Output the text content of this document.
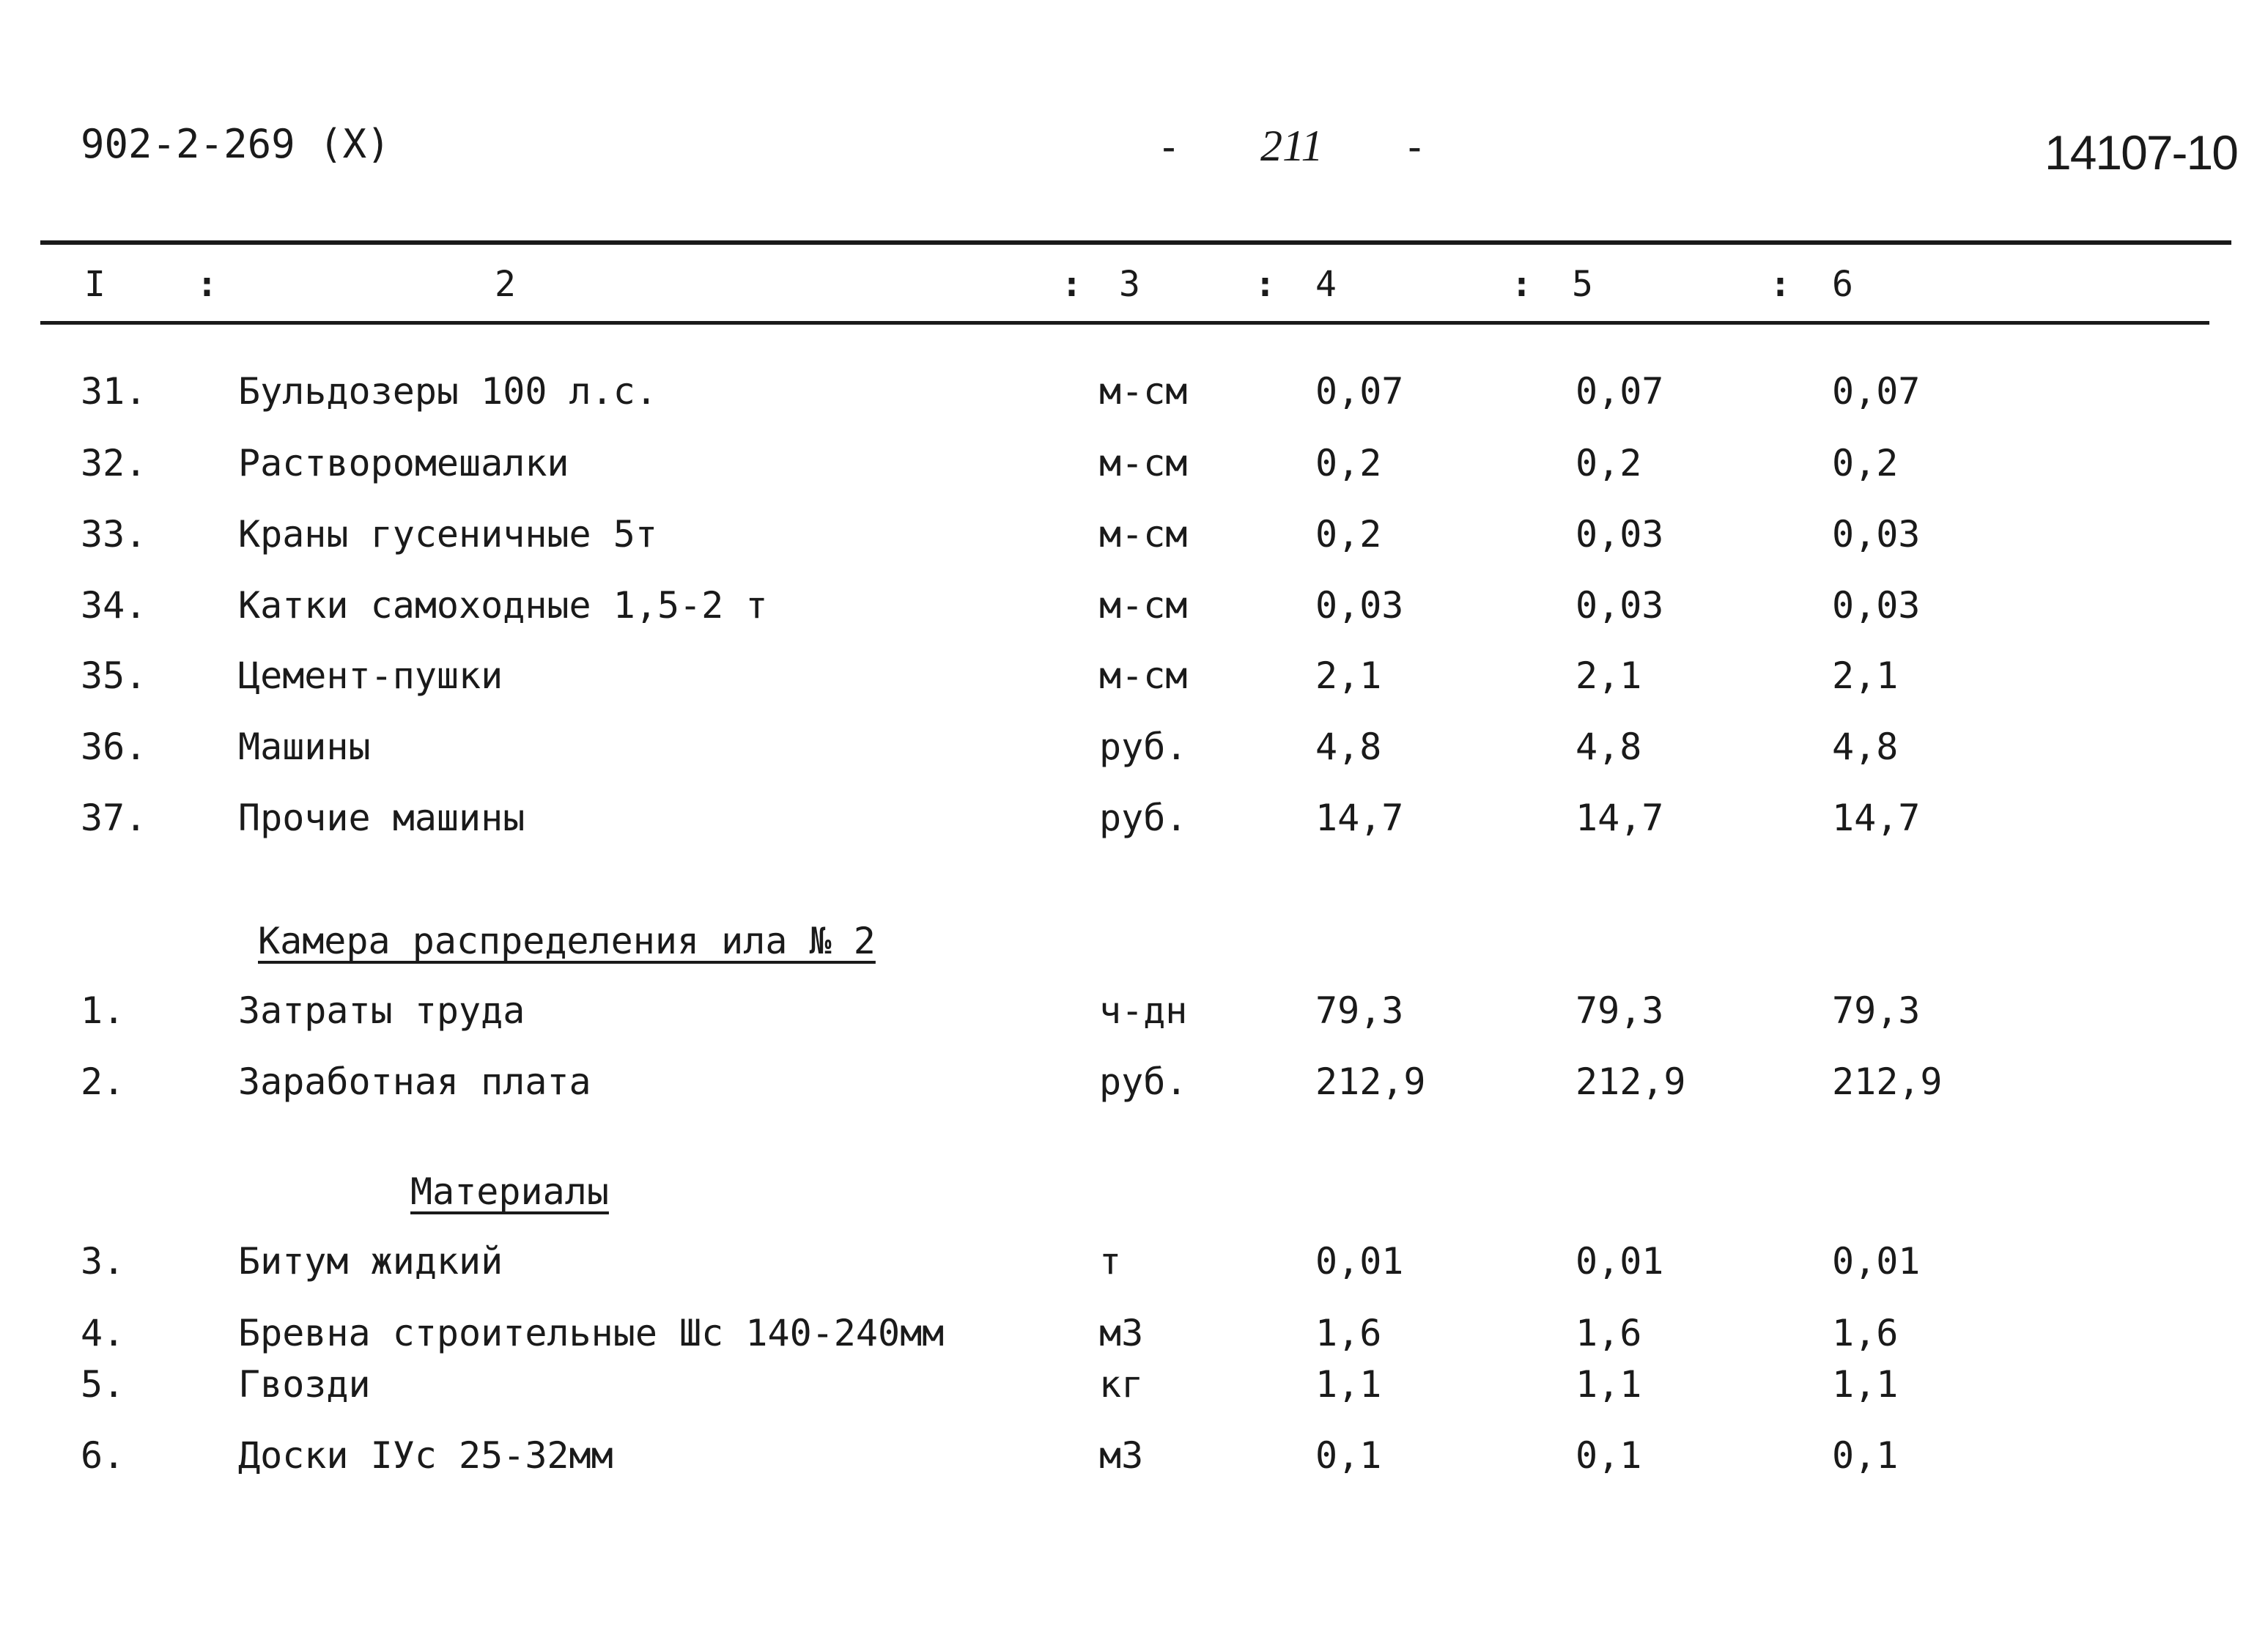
902-2-269 (X)	- 211 -	14107-10
I	:	2	: 3	: 4	: 5	: 6
31. Бульдозеры 100 л.с.	м-см	0,07	0,07	0,07
32. Растворомешалки	м-см	0,2	0,2	0,2
33. Краны гусеничные 5т	м-см	0,2	0,03	0,03
34. Катки самоходные 1,5-2 т	м-см	0,03	0,03	0,03
35. Цемент-пушки	м-см	2,1	2,1	2,1
36. Машины	руб.	4,8	4,8	4,8
37. Прочие машины	руб.	14,7	14,7	14,7
Камера распределения ила № 2
1.	Затраты труда	ч-дн	79,3	79,3	79,3
2.	Заработная плата	руб.	212,9	212,9	212,9
Материалы
3.	Битум жидкий	т	0,01	0,01	0,01
4.	Бревна строительные Шс 140-240мм	м3	1,6	1,6	1,6
5.	Гвозди	кг	1,1	1,1	1,1
6.	Доски IУс 25-32мм	м3	0,1	0,1	0,1
